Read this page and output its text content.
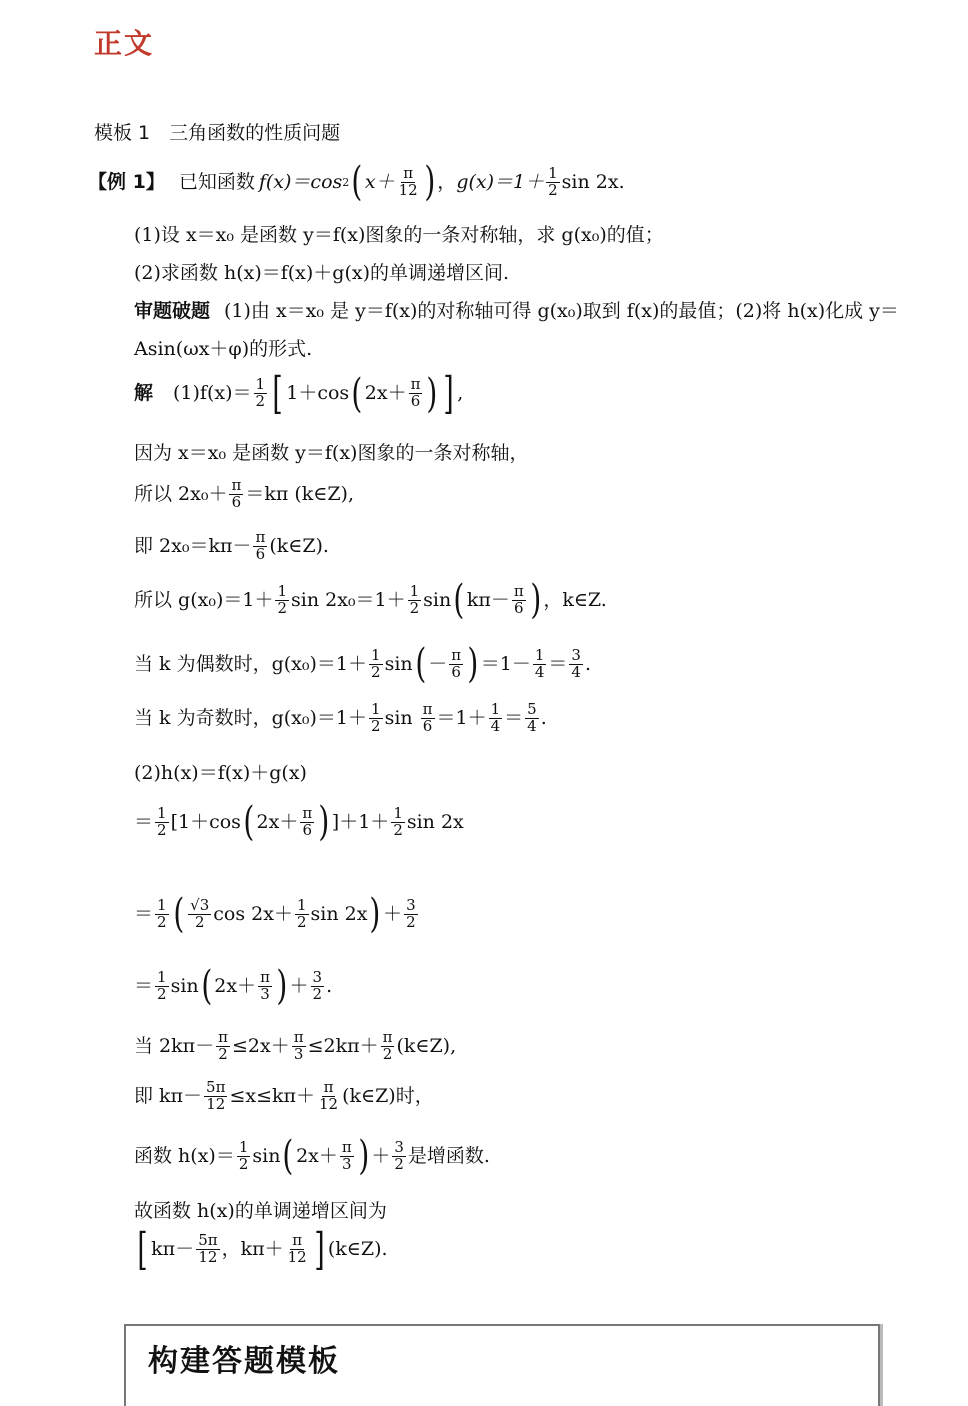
正文
模板 1　三角函数的性质问题
【例 1】 已知函数 f(x)＝cos 2 ( $x+ \frac{\pi}{12}$ ) ， $g(x)=1+ \frac{1}{2}$ sin 2x.
(1)设 x＝x₀ 是函数 y＝f(x)图象的一条对称轴，求 g(x₀)的值；
(2)求函数 h(x)＝f(x)＋g(x)的单调递增区间.
审题破题 (1)由 x＝x₀ 是 y＝f(x)的对称轴可得 g(x₀)取到 f(x)的最值；(2)将 h(x)化成 y＝
Asin(ωx＋φ)的形式.
解 $(1)f(x)= \frac{1}{2}$ [ 1＋cos ( $2x+ \frac{\pi}{6}$ ) ] ,
因为 x＝x₀ 是函数 y＝f(x)图象的一条对称轴，
所以 $2x_0+ \frac{\pi}{6} =k\pi$ (k∈Z),
即 $2x_0=k\pi- \frac{\pi}{6}$ (k∈Z).
所以 $g(x_0)=1+ \frac{1}{2}$ $\sin 2x_0=1+ \frac{1}{2}$ sin ( $k\pi- \frac{\pi}{6}$ ) ，k∈Z.
当 k 为偶数时，$g(x_0)=1+ \frac{1}{2}$ sin ( － $\frac{\pi}{6}$ ) $=1- \frac{1}{4} = \frac{3}{4}$ .
当 k 为奇数时，$g(x_0)=1+ \frac{1}{2}$ $\sin \frac{\pi}{6} =1+ \frac{1}{4} = \frac{5}{4}$ .
(2)h(x)＝f(x)＋g(x)
＝ $\frac{1}{2} [1+\cos$ ( $2x+ \frac{\pi}{6}$ ) ]$+1+ \frac{1}{2}$ sin 2x
＝ $\frac{1}{2}$ ( $\frac{√3}{2}$ $\cos 2x+ \frac{1}{2}$ sin 2x ) ＋ $\frac{3}{2}$
＝ $\frac{1}{2}$ sin ( $2x+ \frac{\pi}{3}$ ) ＋ $\frac{3}{2}$ .
当 $2k\pi- \frac{\pi}{2} \le 2x+ \frac{\pi}{3} \le 2k\pi+ \frac{\pi}{2}$ (k∈Z),
即 $k\pi- \frac{5\pi}{12} \le x\le k\pi+ \frac{\pi}{12}$ (k∈Z)时，
函数 $h(x)= \frac{1}{2}$ sin ( $2x+ \frac{\pi}{3}$ ) ＋ $\frac{3}{2}$ 是增函数.
故函数 h(x)的单调递增区间为
[ $k\pi- \frac{5\pi}{12}$ ，$k\pi+ \frac{\pi}{12}$ ] (k∈Z).
构建答题模板
